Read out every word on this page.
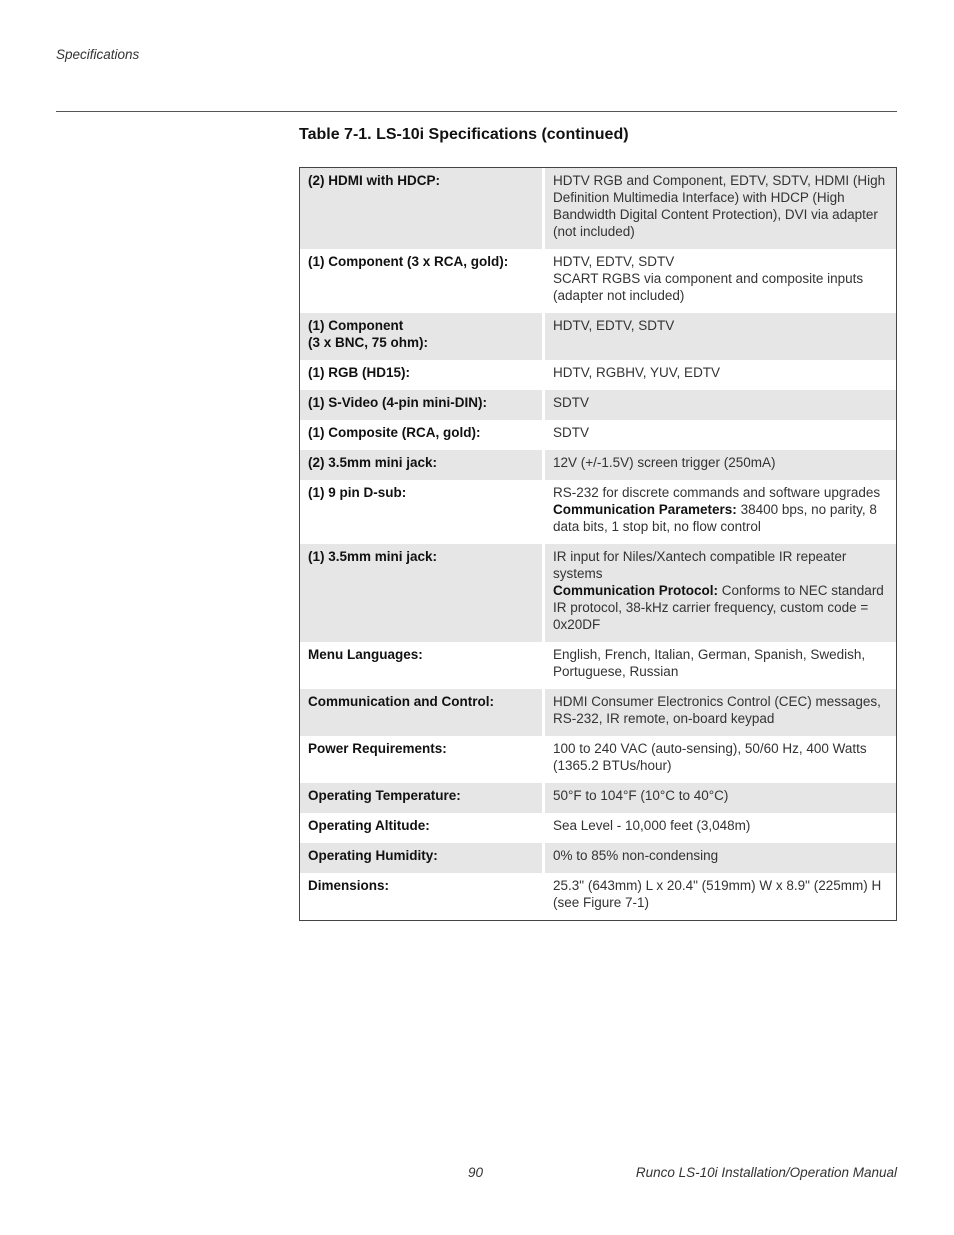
Specifications
Table 7-1. LS-10i Specifications (continued)
(2) HDMI with HDCP:	HDTV RGB and Component, EDTV, SDTV, HDMI (High Definition Multimedia Interface) with HDCP (High Bandwidth Digital Content Protection), DVI via adapter (not included)
(1) Component (3 x RCA, gold):	HDTV, EDTV, SDTV
SCART RGBS via component and composite inputs (adapter not included)

(1) Component
(3 x BNC, 75 ohm):	HDTV, EDTV, SDTV
(1) RGB (HD15):	HDTV, RGBHV, YUV, EDTV
(1) S-Video (4-pin mini-DIN):	SDTV
(1) Composite (RCA, gold):	SDTV
(2) 3.5mm mini jack:	12V (+/-1.5V) screen trigger (250mA)
(1) 9 pin D-sub:	RS-232 for discrete commands and software upgrades
Communication Parameters: 38400 bps, no parity, 8 data bits, 1 stop bit, no flow control
(1) 3.5mm mini jack:	IR input for Niles/Xantech compatible IR repeater systems
Communication Protocol: Conforms to NEC standard IR protocol, 38-kHz carrier frequency, custom code = 0x20DF
Menu Languages:	English, French, Italian, German, Spanish, Swedish, Portuguese, Russian
Communication and Control:	HDMI Consumer Electronics Control (CEC) messages, RS-232, IR remote, on-board keypad
Power Requirements:	100 to 240 VAC (auto-sensing), 50/60 Hz, 400 Watts (1365.2 BTUs/hour)
Operating Temperature:	50°F to 104°F (10°C to 40°C)
Operating Altitude:	Sea Level - 10,000 feet (3,048m)
Operating Humidity:	0% to 85% non-condensing
Dimensions:	25.3" (643mm) L x 20.4" (519mm) W x 8.9" (225mm) H (see Figure 7-1)
90	Runco LS-10i Installation/Operation Manual
